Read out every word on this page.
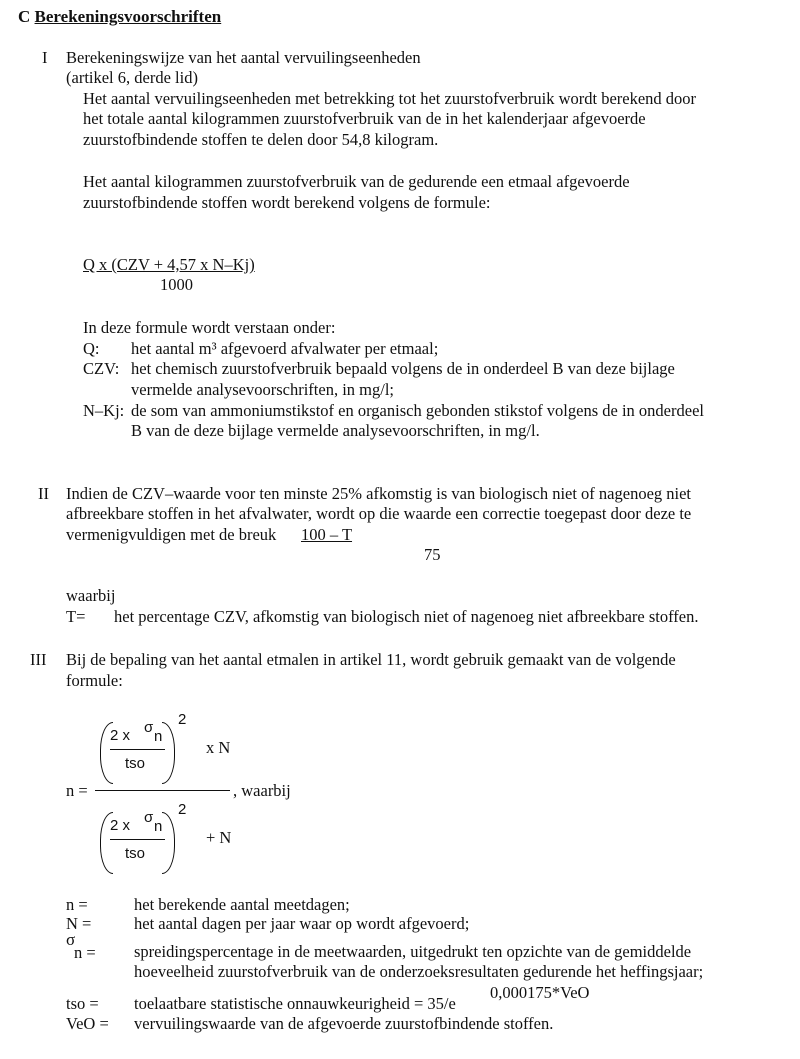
C Berekeningsvoorschriften
I Berekeningswijze van het aantal vervuilingseenheden
(artikel 6, derde lid)
Het aantal vervuilingseenheden met betrekking tot het zuurstofverbruik wordt berekend door
het totale aantal kilogrammen zuurstofverbruik van de in het kalenderjaar afgevoerde
zuurstofbindende stoffen te delen door 54,8 kilogram.
Het aantal kilogrammen zuurstofverbruik van de gedurende een etmaal afgevoerde
zuurstofbindende stoffen wordt berekend volgens de formule:
Q x (CZV + 4,57 x N–Kj)
1000
In deze formule wordt verstaan onder:
Q: het aantal m³ afgevoerd afvalwater per etmaal;
CZV: het chemisch zuurstofverbruik bepaald volgens de in onderdeel B van deze bijlage
vermelde analysevoorschriften, in mg/l;
N–Kj: de som van ammoniumstikstof en organisch gebonden stikstof volgens de in onderdeel
B van de deze bijlage vermelde analysevoorschriften, in mg/l.
II Indien de CZV–waarde voor ten minste 25% afkomstig is van biologisch niet of nagenoeg niet
afbreekbare stoffen in het afvalwater, wordt op die waarde een correctie toegepast door deze te
vermenigvuldigen met de breuk 100 – T
75
waarbij
T= het percentage CZV, afkomstig van biologisch niet of nagenoeg niet afbreekbare stoffen.
III Bij de bepaling van het aantal etmalen in artikel 11, wordt gebruik gemaakt van de volgende
formule:
2 x σ
n
tso
2
x N
n =	, waarbij
2 x σ
n
tso
2
+ N
n =	het berekende aantal meetdagen;
N =	het aantal dagen per jaar waar op wordt afgevoerd;
σ
n = spreidingspercentage in de meetwaarden, uitgedrukt ten opzichte van de gemiddelde
hoeveelheid zuurstofverbruik van de onderzoeksresultaten gedurende het heffingsjaar;
tso = toelaatbare statistische onnauwkeurigheid = 35/e
0,000175*VeO
VeO = vervuilingswaarde van de afgevoerde zuurstofbindende stoffen.
